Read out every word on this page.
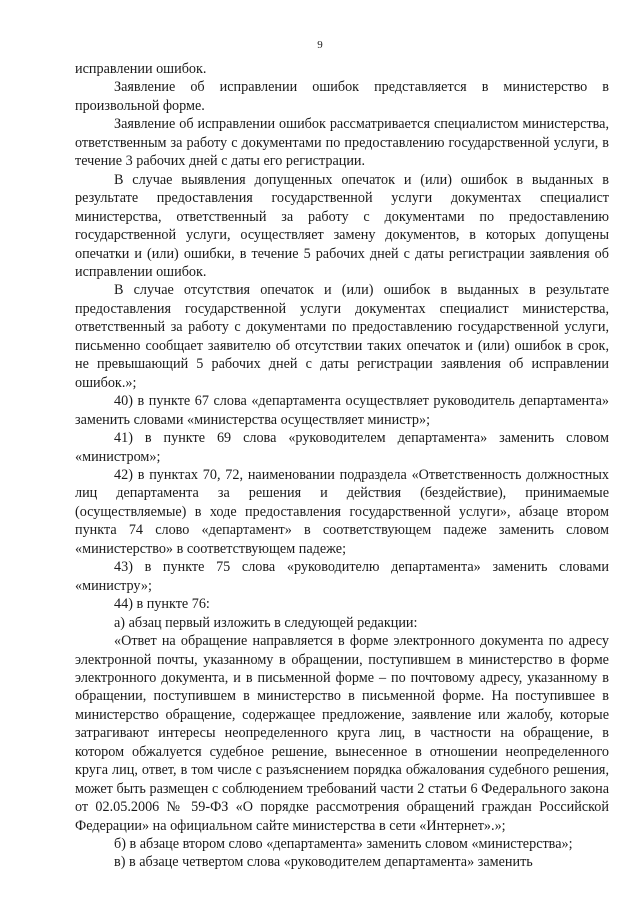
9

исправлении ошибок.

Заявление об исправлении ошибок представляется в министерство в произвольной форме.

Заявление об исправлении ошибок рассматривается специалистом министерства, ответственным за работу с документами по предоставлению государственной услуги, в течение 3 рабочих дней с даты его регистрации.

В случае выявления допущенных опечаток и (или) ошибок в выданных в результате предоставления государственной услуги документах специалист министерства, ответственный за работу с документами по предоставлению государственной услуги, осуществляет замену документов, в которых допущены опечатки и (или) ошибки, в течение 5 рабочих дней с даты регистрации заявления об исправлении ошибок.

В случае отсутствия опечаток и (или) ошибок в выданных в результате предоставления государственной услуги документах специалист министерства, ответственный за работу с документами по предоставлению государственной услуги, письменно сообщает заявителю об отсутствии таких опечаток и (или) ошибок в срок, не превышающий 5 рабочих дней с даты регистрации заявления об исправлении ошибок.»;

40) в пункте 67 слова «департамента осуществляет руководитель департамента» заменить словами «министерства осуществляет министр»;

41) в пункте 69 слова «руководителем департамента» заменить словом «министром»;

42) в пунктах 70, 72, наименовании подраздела «Ответственность должностных лиц департамента за решения и действия (бездействие), принимаемые (осуществляемые) в ходе предоставления государственной услуги», абзаце втором пункта 74 слово «департамент» в соответствующем падеже заменить словом «министерство» в соответствующем падеже;

43) в пункте 75 слова «руководителю департамента» заменить словами «министру»;

44) в пункте 76:

а) абзац первый изложить в следующей редакции:

«Ответ на обращение направляется в форме электронного документа по адресу электронной почты, указанному в обращении, поступившем в министерство в форме электронного документа, и в письменной форме – по почтовому адресу, указанному в обращении, поступившем в министерство в письменной форме. На поступившее в министерство обращение, содержащее предложение, заявление или жалобу, которые затрагивают интересы неопределенного круга лиц, в частности на обращение, в котором обжалуется судебное решение, вынесенное в отношении неопределенного круга лиц, ответ, в том числе с разъяснением порядка обжалования судебного решения, может быть размещен с соблюдением требований части 2 статьи 6 Федерального закона от 02.05.2006 № 59-ФЗ «О порядке рассмотрения обращений граждан Российской Федерации» на официальном сайте министерства в сети «Интернет».»;

б) в абзаце втором слово «департамента» заменить словом «министерства»;

в) в абзаце четвертом слова «руководителем департамента» заменить
